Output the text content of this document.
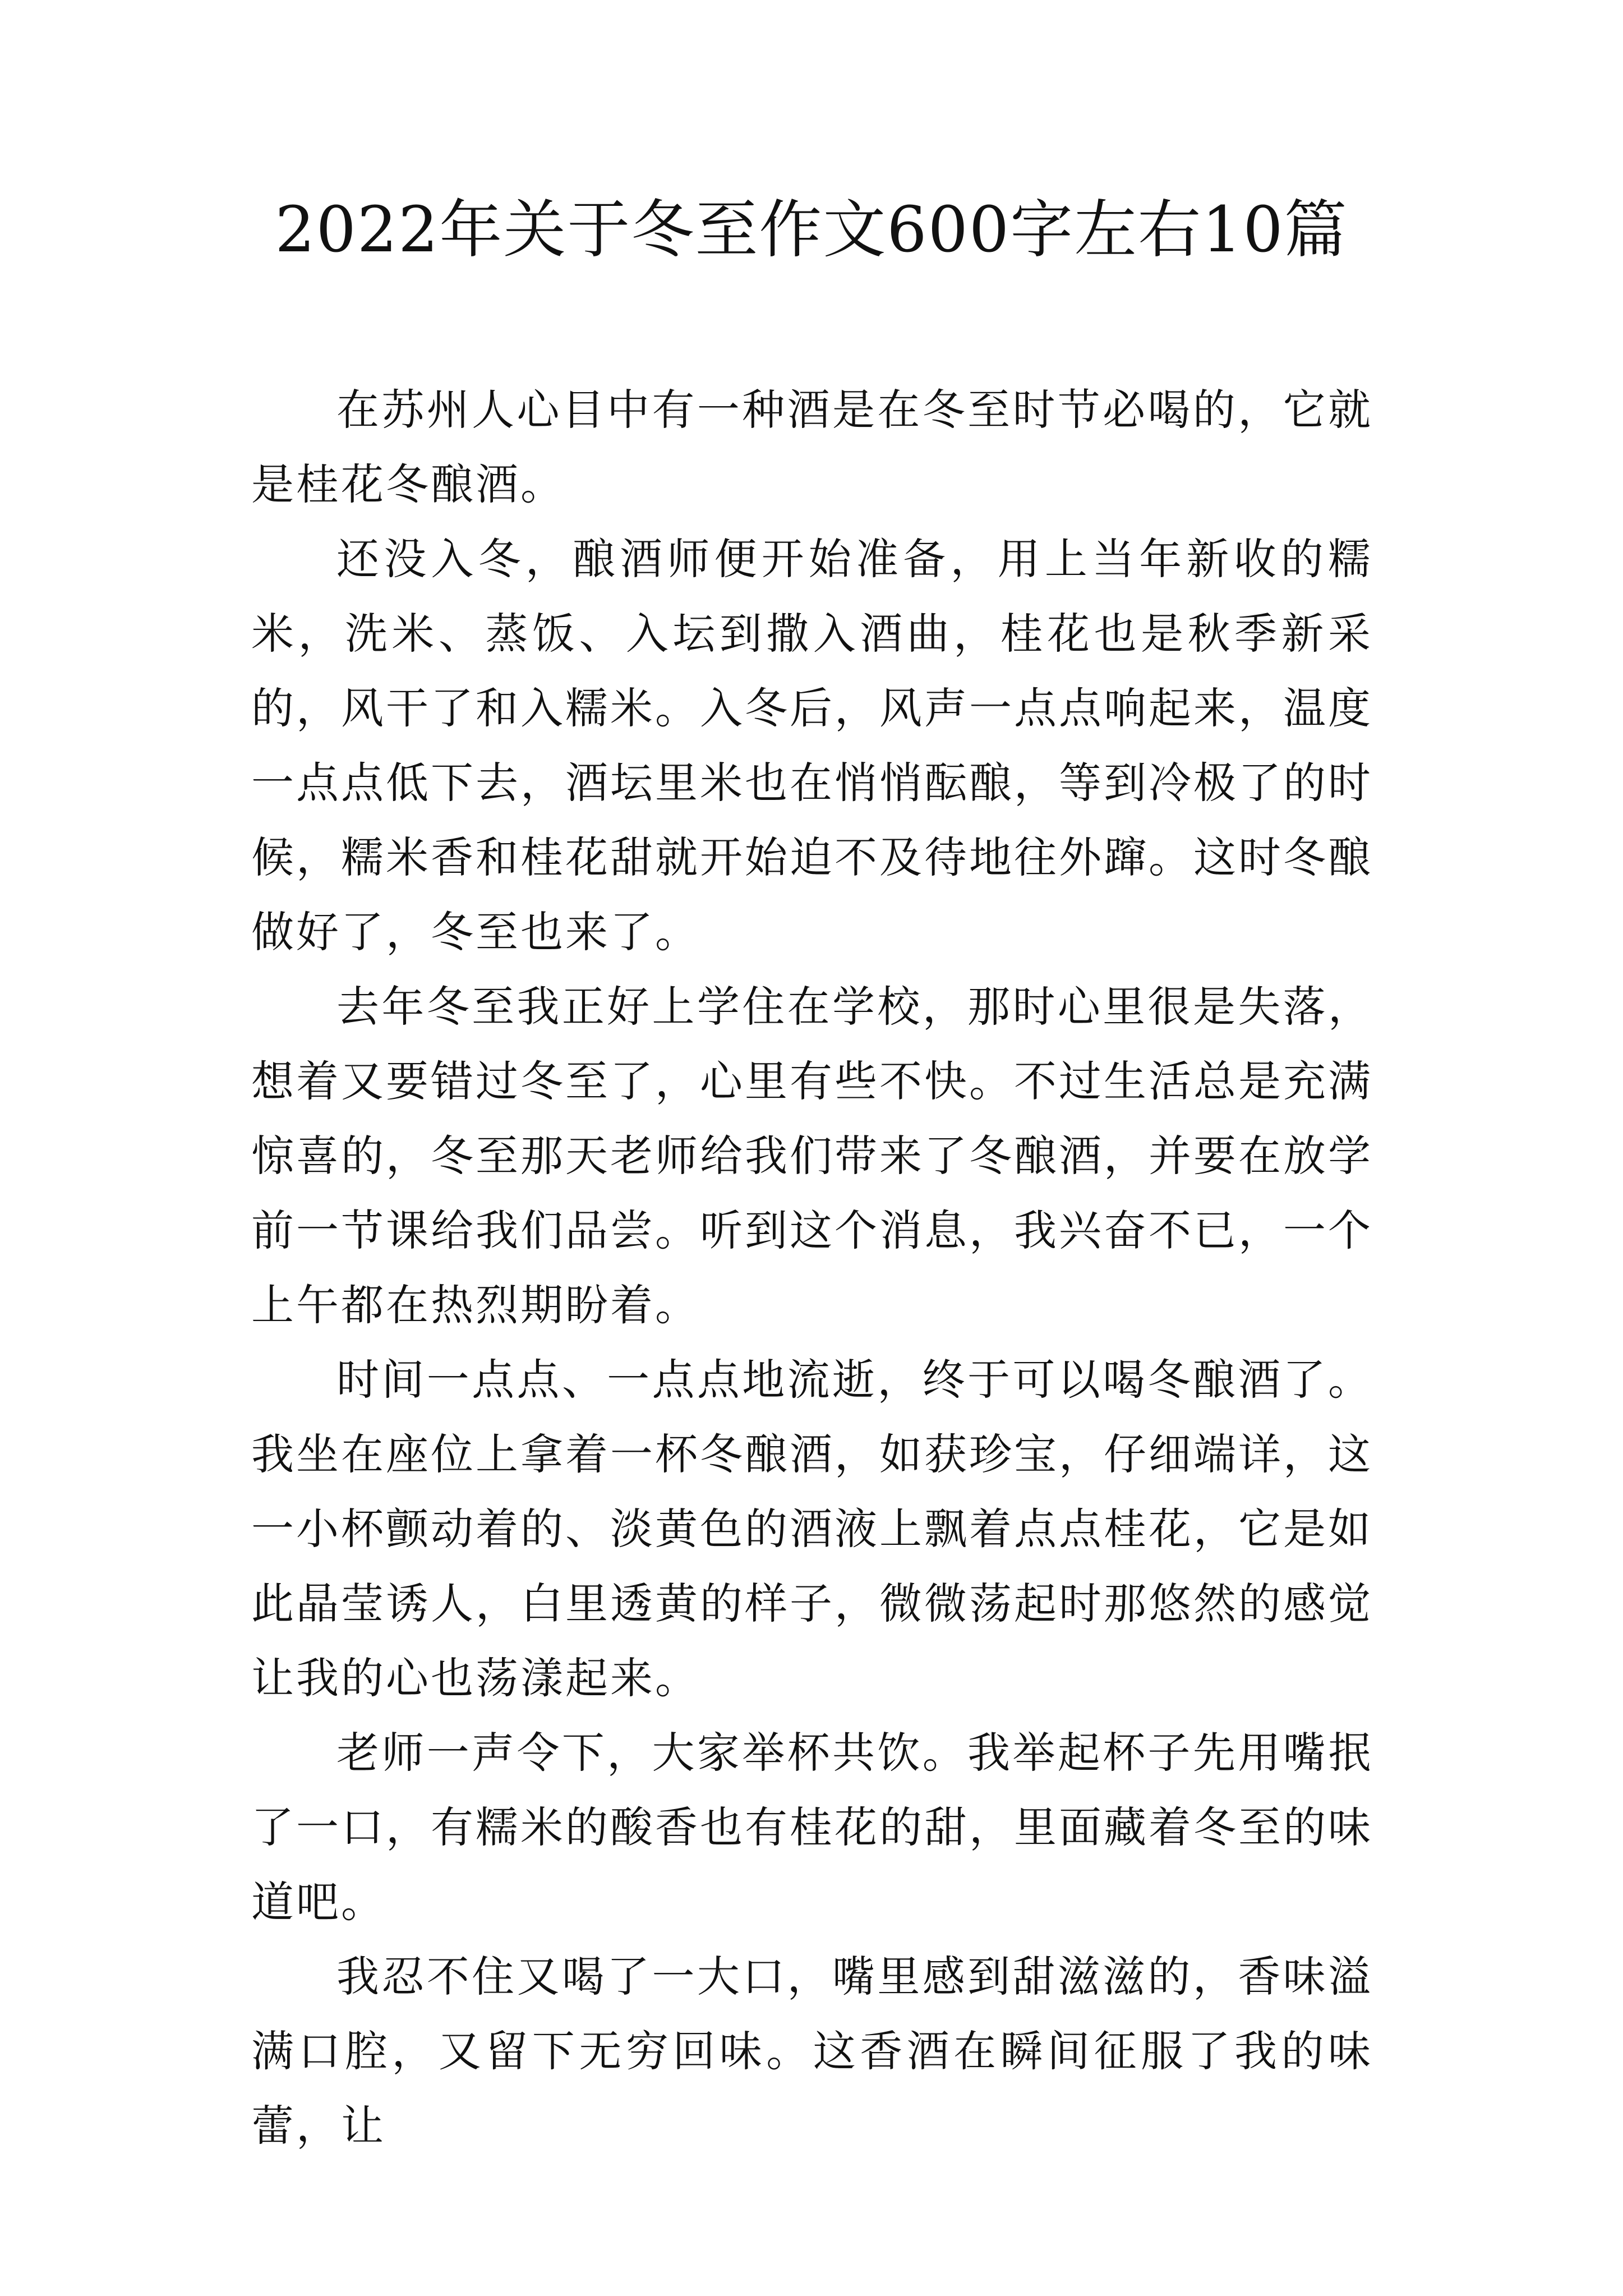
2022年关于冬至作文600字左右10篇

在苏州人心目中有一种酒是在冬至时节必喝的，它就是桂花冬酿酒。

还没入冬，酿酒师便开始准备，用上当年新收的糯米，洗米、蒸饭、入坛到撒入酒曲，桂花也是秋季新采的，风干了和入糯米。入冬后，风声一点点响起来，温度一点点低下去，酒坛里米也在悄悄酝酿，等到冷极了的时候，糯米香和桂花甜就开始迫不及待地往外蹿。这时冬酿做好了，冬至也来了。

去年冬至我正好上学住在学校，那时心里很是失落，想着又要错过冬至了，心里有些不快。不过生活总是充满惊喜的，冬至那天老师给我们带来了冬酿酒，并要在放学前一节课给我们品尝。听到这个消息，我兴奋不已，一个上午都在热烈期盼着。

时间一点点、一点点地流逝，终于可以喝冬酿酒了。我坐在座位上拿着一杯冬酿酒，如获珍宝，仔细端详，这一小杯颤动着的、淡黄色的酒液上飘着点点桂花，它是如此晶莹诱人，白里透黄的样子，微微荡起时那悠然的感觉让我的心也荡漾起来。

老师一声令下，大家举杯共饮。我举起杯子先用嘴抿了一口，有糯米的酸香也有桂花的甜，里面藏着冬至的味道吧。

我忍不住又喝了一大口，嘴里感到甜滋滋的，香味溢满口腔，又留下无穷回味。这香酒在瞬间征服了我的味蕾，让
